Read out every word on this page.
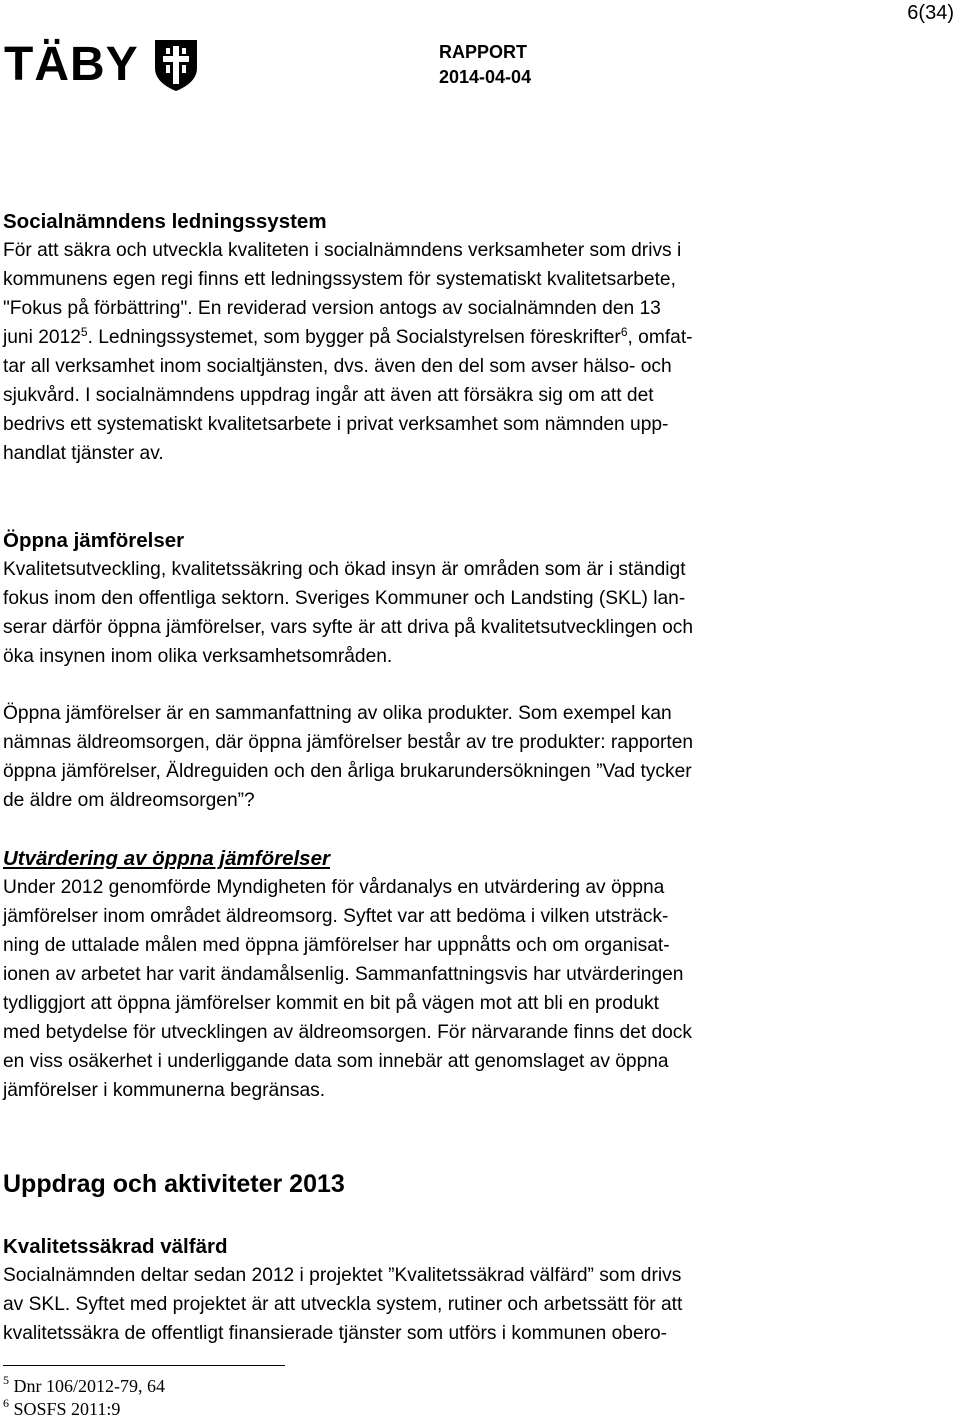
6(34)
TÄBY	RAPPORT
2014-04-04
Socialnämndens ledningssystem
För att säkra och utveckla kvaliteten i socialnämndens verksamheter som drivs i
kommunens egen regi finns ett ledningssystem för systematiskt kvalitetsarbete,
"Fokus på förbättring". En reviderad version antogs av socialnämnden den 13
juni 2012$^5$. Ledningssystemet, som bygger på Socialstyrelsen föreskrifter$^6$, omfat-
tar all verksamhet inom socialtjänsten, dvs. även den del som avser hälso- och
sjukvård. I socialnämndens uppdrag ingår att även att försäkra sig om att det
bedrivs ett systematiskt kvalitetsarbete i privat verksamhet som nämnden upp-
handlat tjänster av.
Öppna jämförelser
Kvalitetsutveckling, kvalitetssäkring och ökad insyn är områden som är i ständigt
fokus inom den offentliga sektorn. Sveriges Kommuner och Landsting (SKL) lan-
serar därför öppna jämförelser, vars syfte är att driva på kvalitetsutvecklingen och
öka insynen inom olika verksamhetsområden.
Öppna jämförelser är en sammanfattning av olika produkter. Som exempel kan
nämnas äldreomsorgen, där öppna jämförelser består av tre produkter: rapporten
öppna jämförelser, Äldreguiden och den årliga brukarundersökningen ”Vad tycker
de äldre om äldreomsorgen”?
Utvärdering av öppna jämförelser
Under 2012 genomförde Myndigheten för vårdanalys en utvärdering av öppna
jämförelser inom området äldreomsorg. Syftet var att bedöma i vilken utsträck-
ning de uttalade målen med öppna jämförelser har uppnåtts och om organisat-
ionen av arbetet har varit ändamålsenlig. Sammanfattningsvis har utvärderingen
tydliggjort att öppna jämförelser kommit en bit på vägen mot att bli en produkt
med betydelse för utvecklingen av äldreomsorgen. För närvarande finns det dock
en viss osäkerhet i underliggande data som innebär att genomslaget av öppna
jämförelser i kommunerna begränsas.
Uppdrag och aktiviteter 2013
Kvalitetssäkrad välfärd
Socialnämnden deltar sedan 2012 i projektet ”Kvalitetssäkrad välfärd” som drivs
av SKL. Syftet med projektet är att utveckla system, rutiner och arbetssätt för att
kvalitetssäkra de offentligt finansierade tjänster som utförs i kommunen obero-
$^5$ Dnr 106/2012-79, 64
$^6$ SOSFS 2011:9
